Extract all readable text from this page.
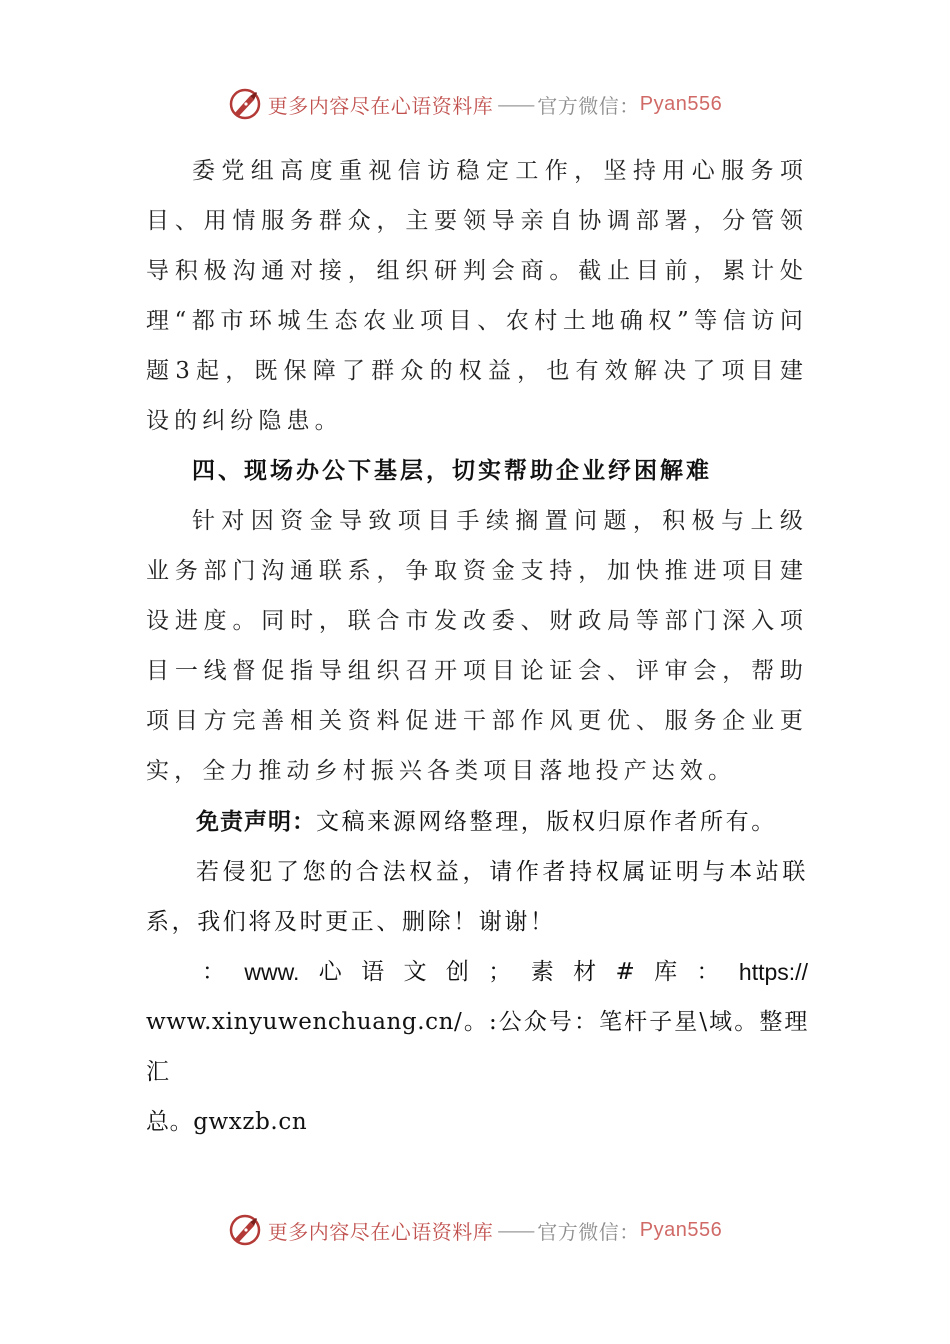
更多内容尽在心语资料库 —— 官方微信： Pyan556

委党组高度重视信访稳定工作，坚持用心服务项目、用情服务群众，主要领导亲自协调部署，分管领导积极沟通对接，组织研判会商。截止目前，累计处理“都市环城生态农业项目、农村土地确权”等信访问题3起，既保障了群众的权益，也有效解决了项目建设的纠纷隐患。

四、现场办公下基层，切实帮助企业纾困解难

针对因资金导致项目手续搁置问题，积极与上级业务部门沟通联系，争取资金支持，加快推进项目建设进度。同时，联合市发改委、财政局等部门深入项目一线督促指导组织召开项目论证会、评审会，帮助项目方完善相关资料促进干部作风更优、服务企业更实，全力推动乡村振兴各类项目落地投产达效。

免责声明：文稿来源网络整理，版权归原作者所有。

若侵犯了您的合法权益，请作者持权属证明与本站联系，我们将及时更正、删除！谢谢！

： www. 心 语 文 创 ； 素 材 # 库 ： https://

www.xinyuwenchuang.cn/。:公众号：笔杆子星\域。整理汇

总。gwxzb.cn

更多内容尽在心语资料库 —— 官方微信： Pyan556
